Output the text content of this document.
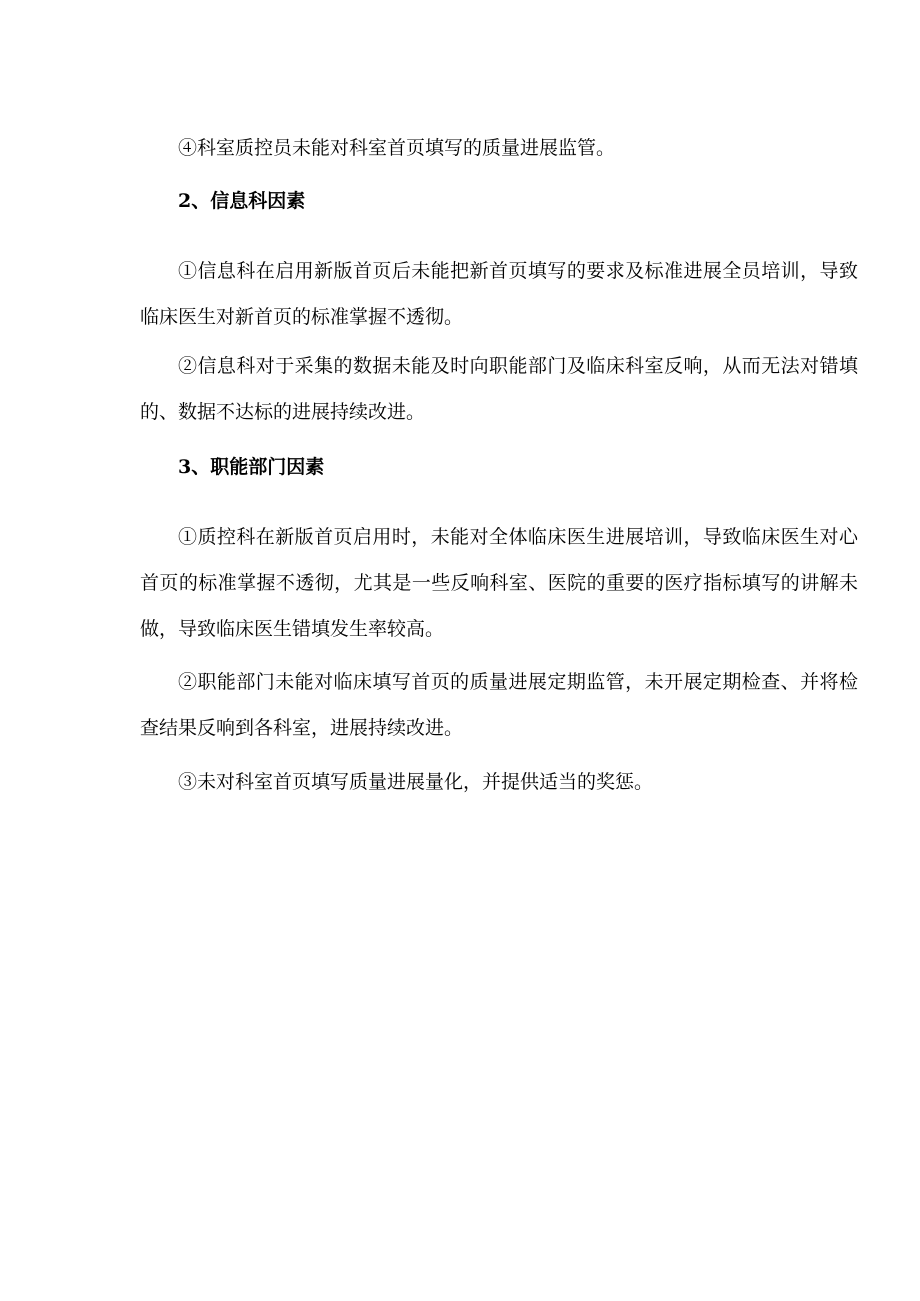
④科室质控员未能对科室首页填写的质量进展监管。

2、信息科因素

①信息科在启用新版首页后未能把新首页填写的要求及标准进展全员培训，导致临床医生对新首页的标准掌握不透彻。

②信息科对于采集的数据未能及时向职能部门及临床科室反响，从而无法对错填的、数据不达标的进展持续改进。

3、职能部门因素

①质控科在新版首页启用时，未能对全体临床医生进展培训，导致临床医生对心首页的标准掌握不透彻，尤其是一些反响科室、医院的重要的医疗指标填写的讲解未做，导致临床医生错填发生率较高。

②职能部门未能对临床填写首页的质量进展定期监管，未开展定期检查、并将检查结果反响到各科室，进展持续改进。

③未对科室首页填写质量进展量化，并提供适当的奖惩。
